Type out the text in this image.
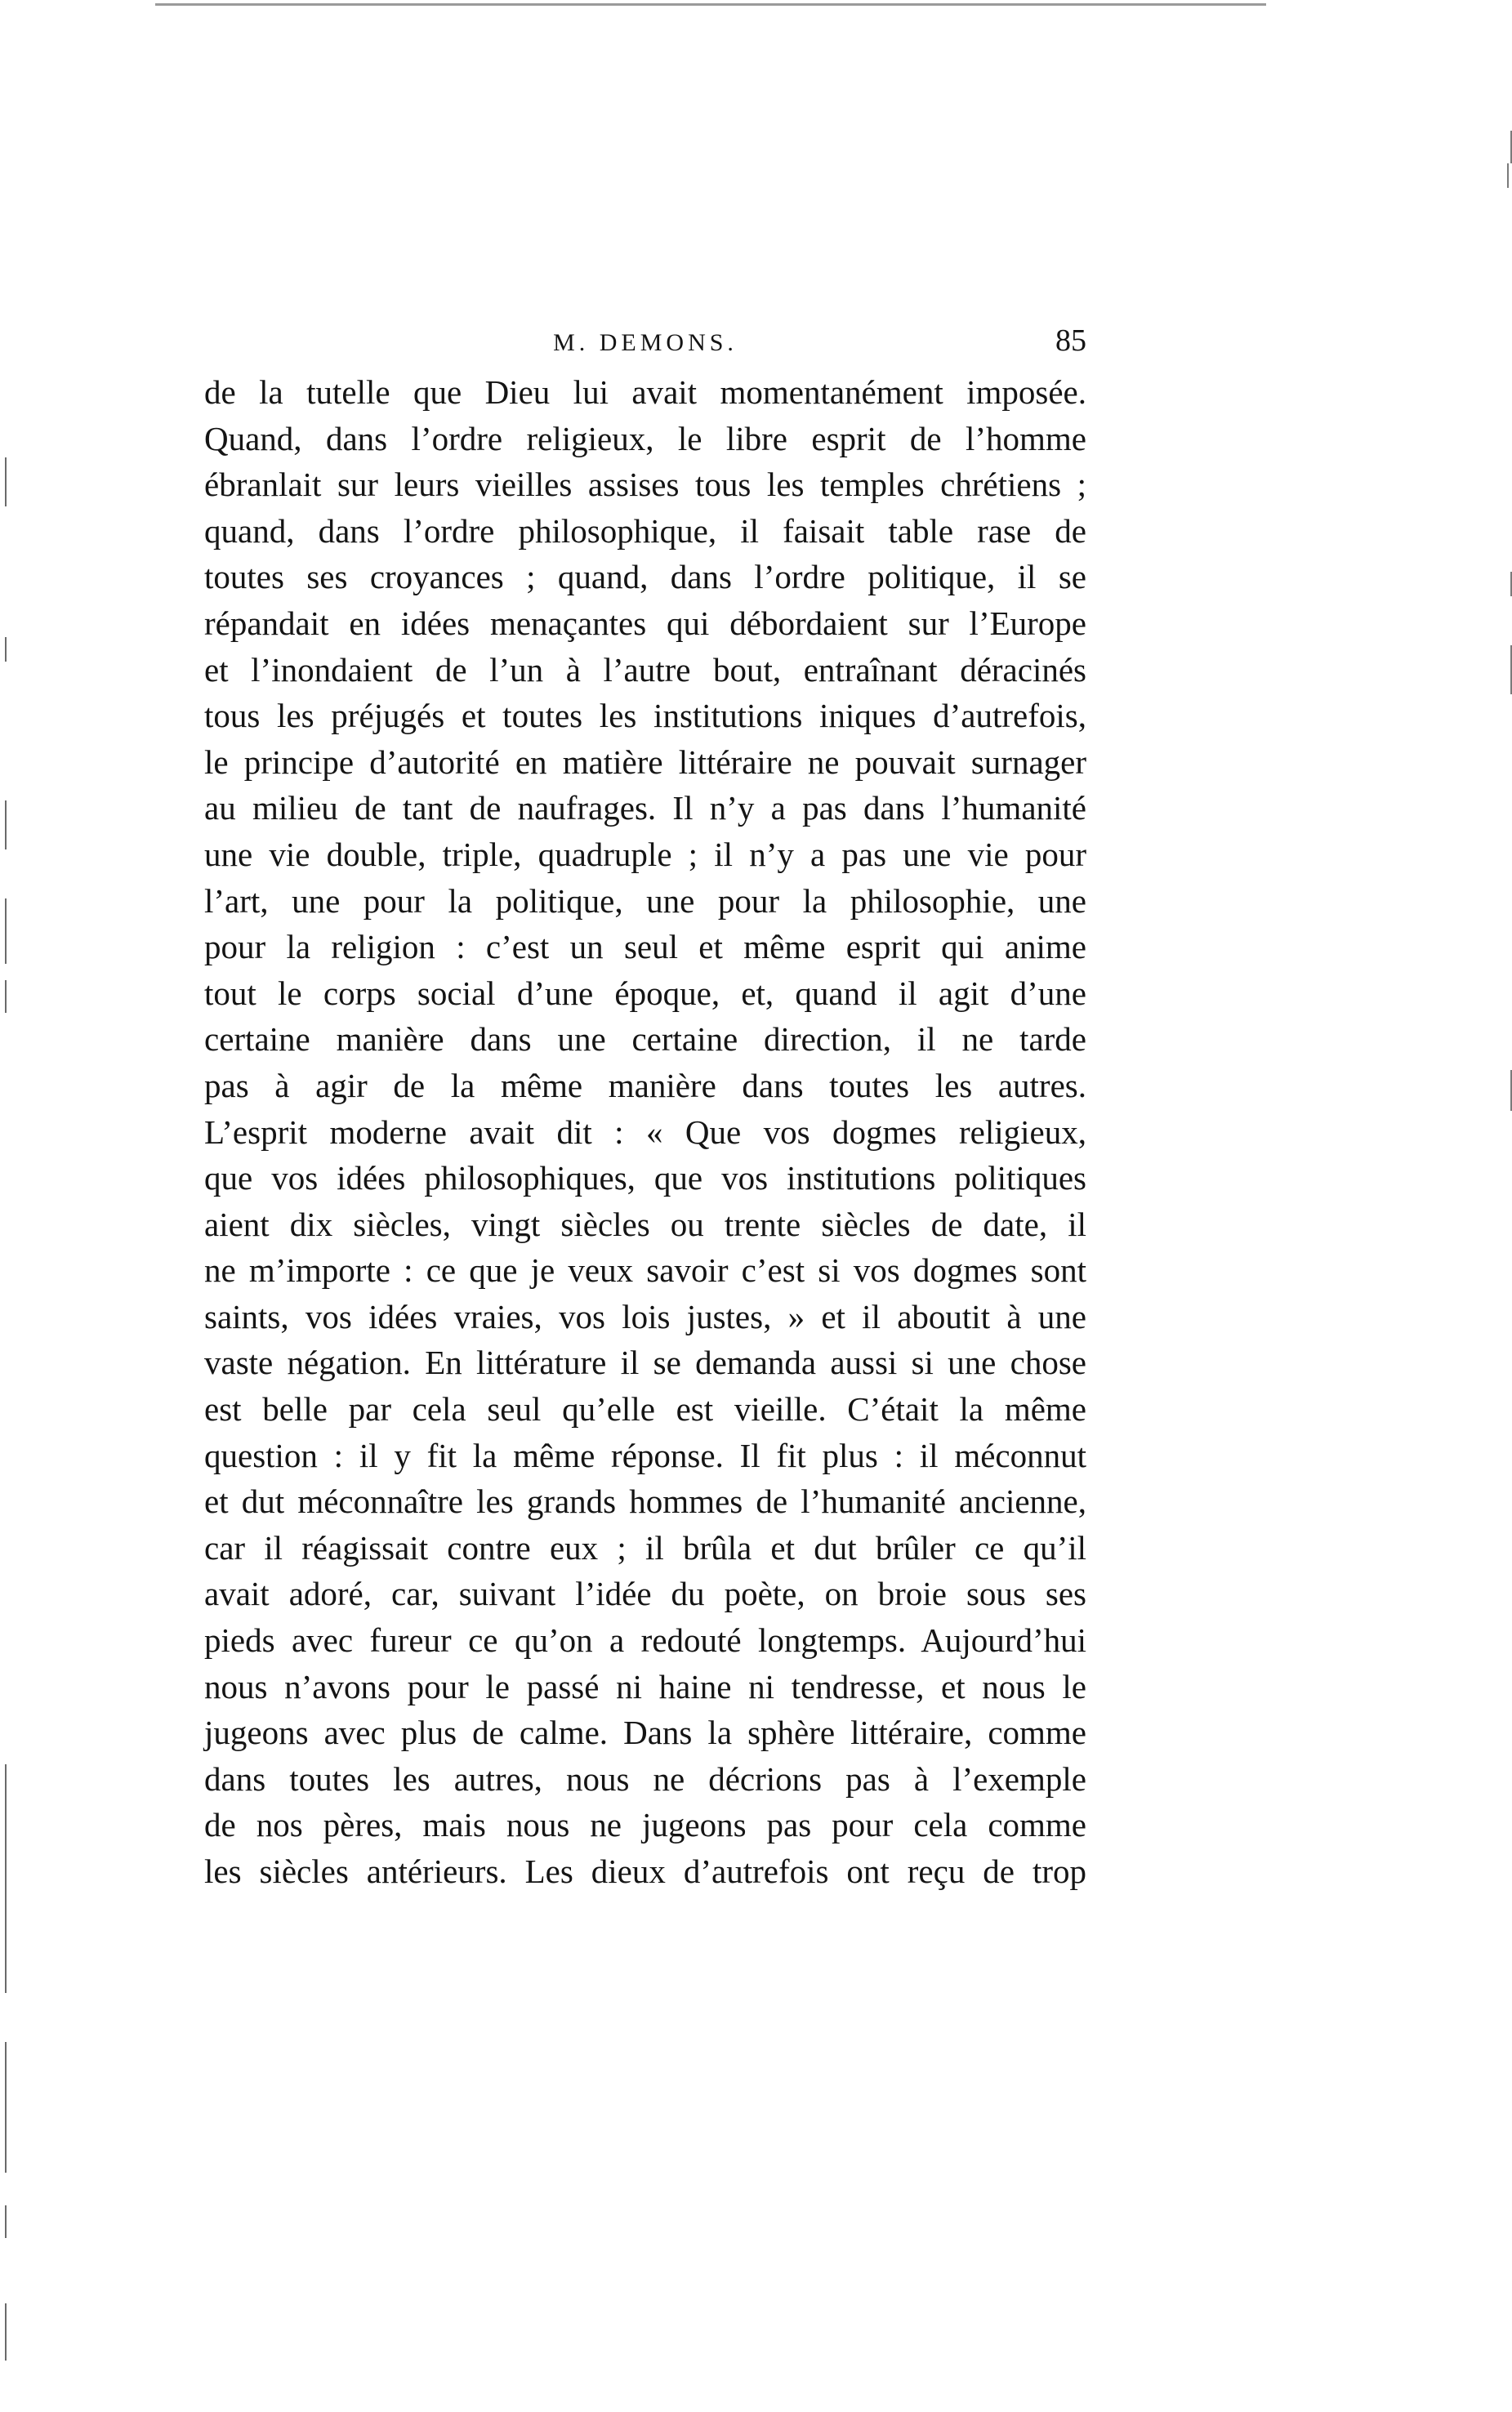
M. DEMONS.	85
de la tutelle que Dieu lui avait momentanément imposée.
Quand, dans l’ordre religieux, le libre esprit de l’homme
ébranlait sur leurs vieilles assises tous les temples chrétiens ;
quand, dans l’ordre philosophique, il faisait table rase de
toutes ses croyances ; quand, dans l’ordre politique, il se
répandait en idées menaçantes qui débordaient sur l’Europe
et l’inondaient de l’un à l’autre bout, entraînant déracinés
tous les préjugés et toutes les institutions iniques d’autrefois,
le principe d’autorité en matière littéraire ne pouvait surnager
au milieu de tant de naufrages. Il n’y a pas dans l’humanité
une vie double, triple, quadruple ; il n’y a pas une vie pour
l’art, une pour la politique, une pour la philosophie, une
pour la religion : c’est un seul et même esprit qui anime
tout le corps social d’une époque, et, quand il agit d’une
certaine manière dans une certaine direction, il ne tarde
pas à agir de la même manière dans toutes les autres.
L’esprit moderne avait dit : « Que vos dogmes religieux,
que vos idées philosophiques, que vos institutions politiques
aient dix siècles, vingt siècles ou trente siècles de date, il
ne m’importe : ce que je veux savoir c’est si vos dogmes sont
saints, vos idées vraies, vos lois justes, » et il aboutit à une
vaste négation. En littérature il se demanda aussi si une chose
est belle par cela seul qu’elle est vieille. C’était la même
question : il y fit la même réponse. Il fit plus : il méconnut
et dut méconnaître les grands hommes de l’humanité ancienne,
car il réagissait contre eux ; il brûla et dut brûler ce qu’il
avait adoré, car, suivant l’idée du poète, on broie sous ses
pieds avec fureur ce qu’on a redouté longtemps. Aujourd’hui
nous n’avons pour le passé ni haine ni tendresse, et nous le
jugeons avec plus de calme. Dans la sphère littéraire, comme
dans toutes les autres, nous ne décrions pas à l’exemple
de nos pères, mais nous ne jugeons pas pour cela comme
les siècles antérieurs. Les dieux d’autrefois ont reçu de trop
